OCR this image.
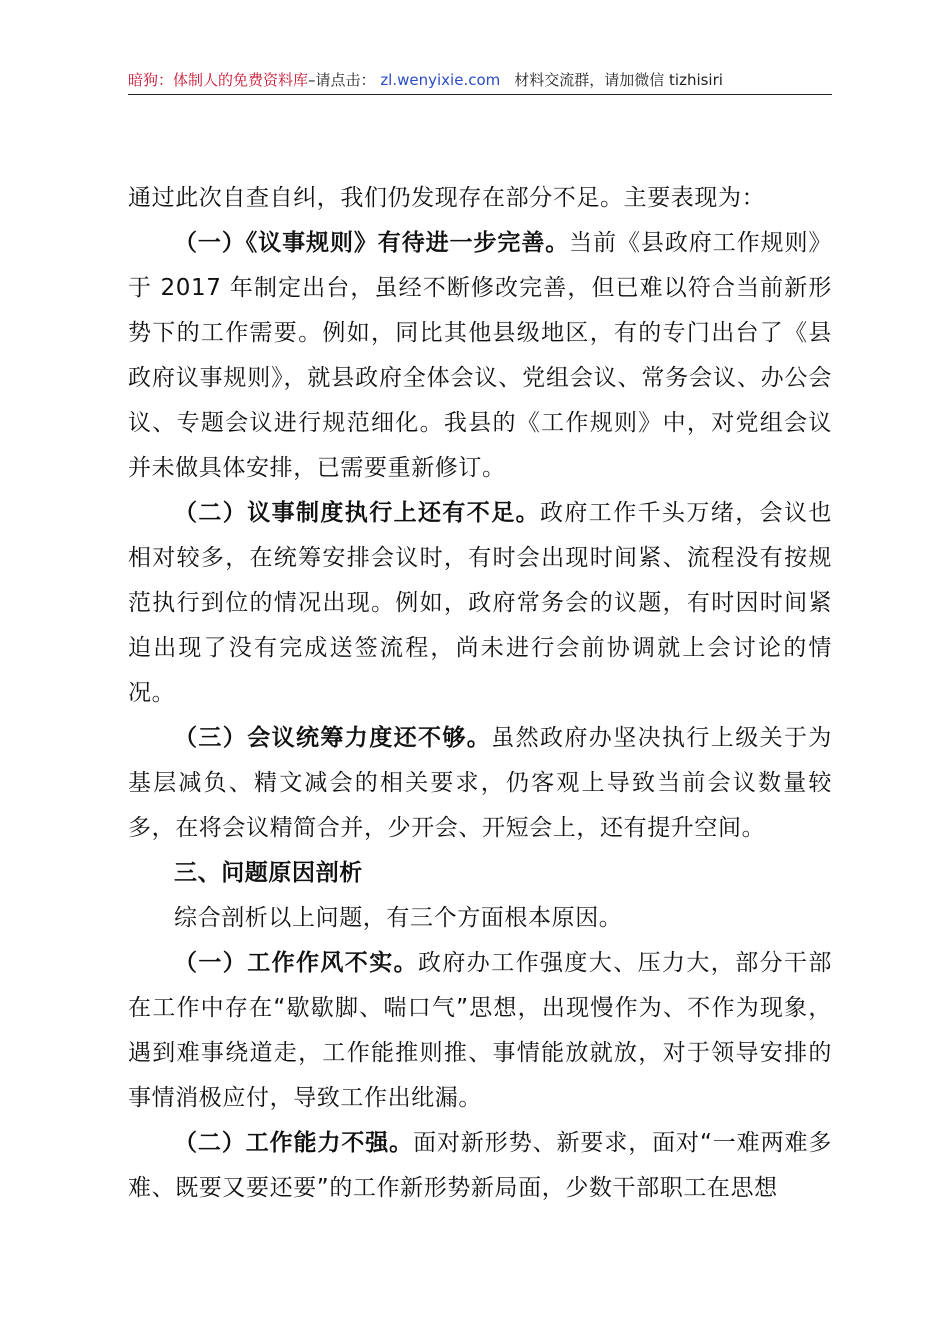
暗狗：体制人的免费资料库–请点击： zl.wenyixie.com 材料交流群，请加微信 tizhisiri

通过此次自查自纠，我们仍发现存在部分不足。主要表现为：

（一）《议事规则》有待进一步完善。当前《县政府工作规则》于 2017 年制定出台，虽经不断修改完善，但已难以符合当前新形势下的工作需要。例如，同比其他县级地区，有的专门出台了《县政府议事规则》，就县政府全体会议、党组会议、常务会议、办公会议、专题会议进行规范细化。我县的《工作规则》中，对党组会议并未做具体安排，已需要重新修订。

（二）议事制度执行上还有不足。政府工作千头万绪，会议也相对较多，在统筹安排会议时，有时会出现时间紧、流程没有按规范执行到位的情况出现。例如，政府常务会的议题，有时因时间紧迫出现了没有完成送签流程，尚未进行会前协调就上会讨论的情况。

（三）会议统筹力度还不够。虽然政府办坚决执行上级关于为基层减负、精文减会的相关要求，仍客观上导致当前会议数量较多，在将会议精简合并，少开会、开短会上，还有提升空间。

三、问题原因剖析

综合剖析以上问题，有三个方面根本原因。

（一）工作作风不实。政府办工作强度大、压力大，部分干部在工作中存在“歇歇脚、喘口气”思想，出现慢作为、不作为现象，遇到难事绕道走，工作能推则推、事情能放就放，对于领导安排的事情消极应付，导致工作出纰漏。

（二）工作能力不强。面对新形势、新要求，面对“一难两难多难、既要又要还要”的工作新形势新局面，少数干部职工在思想
